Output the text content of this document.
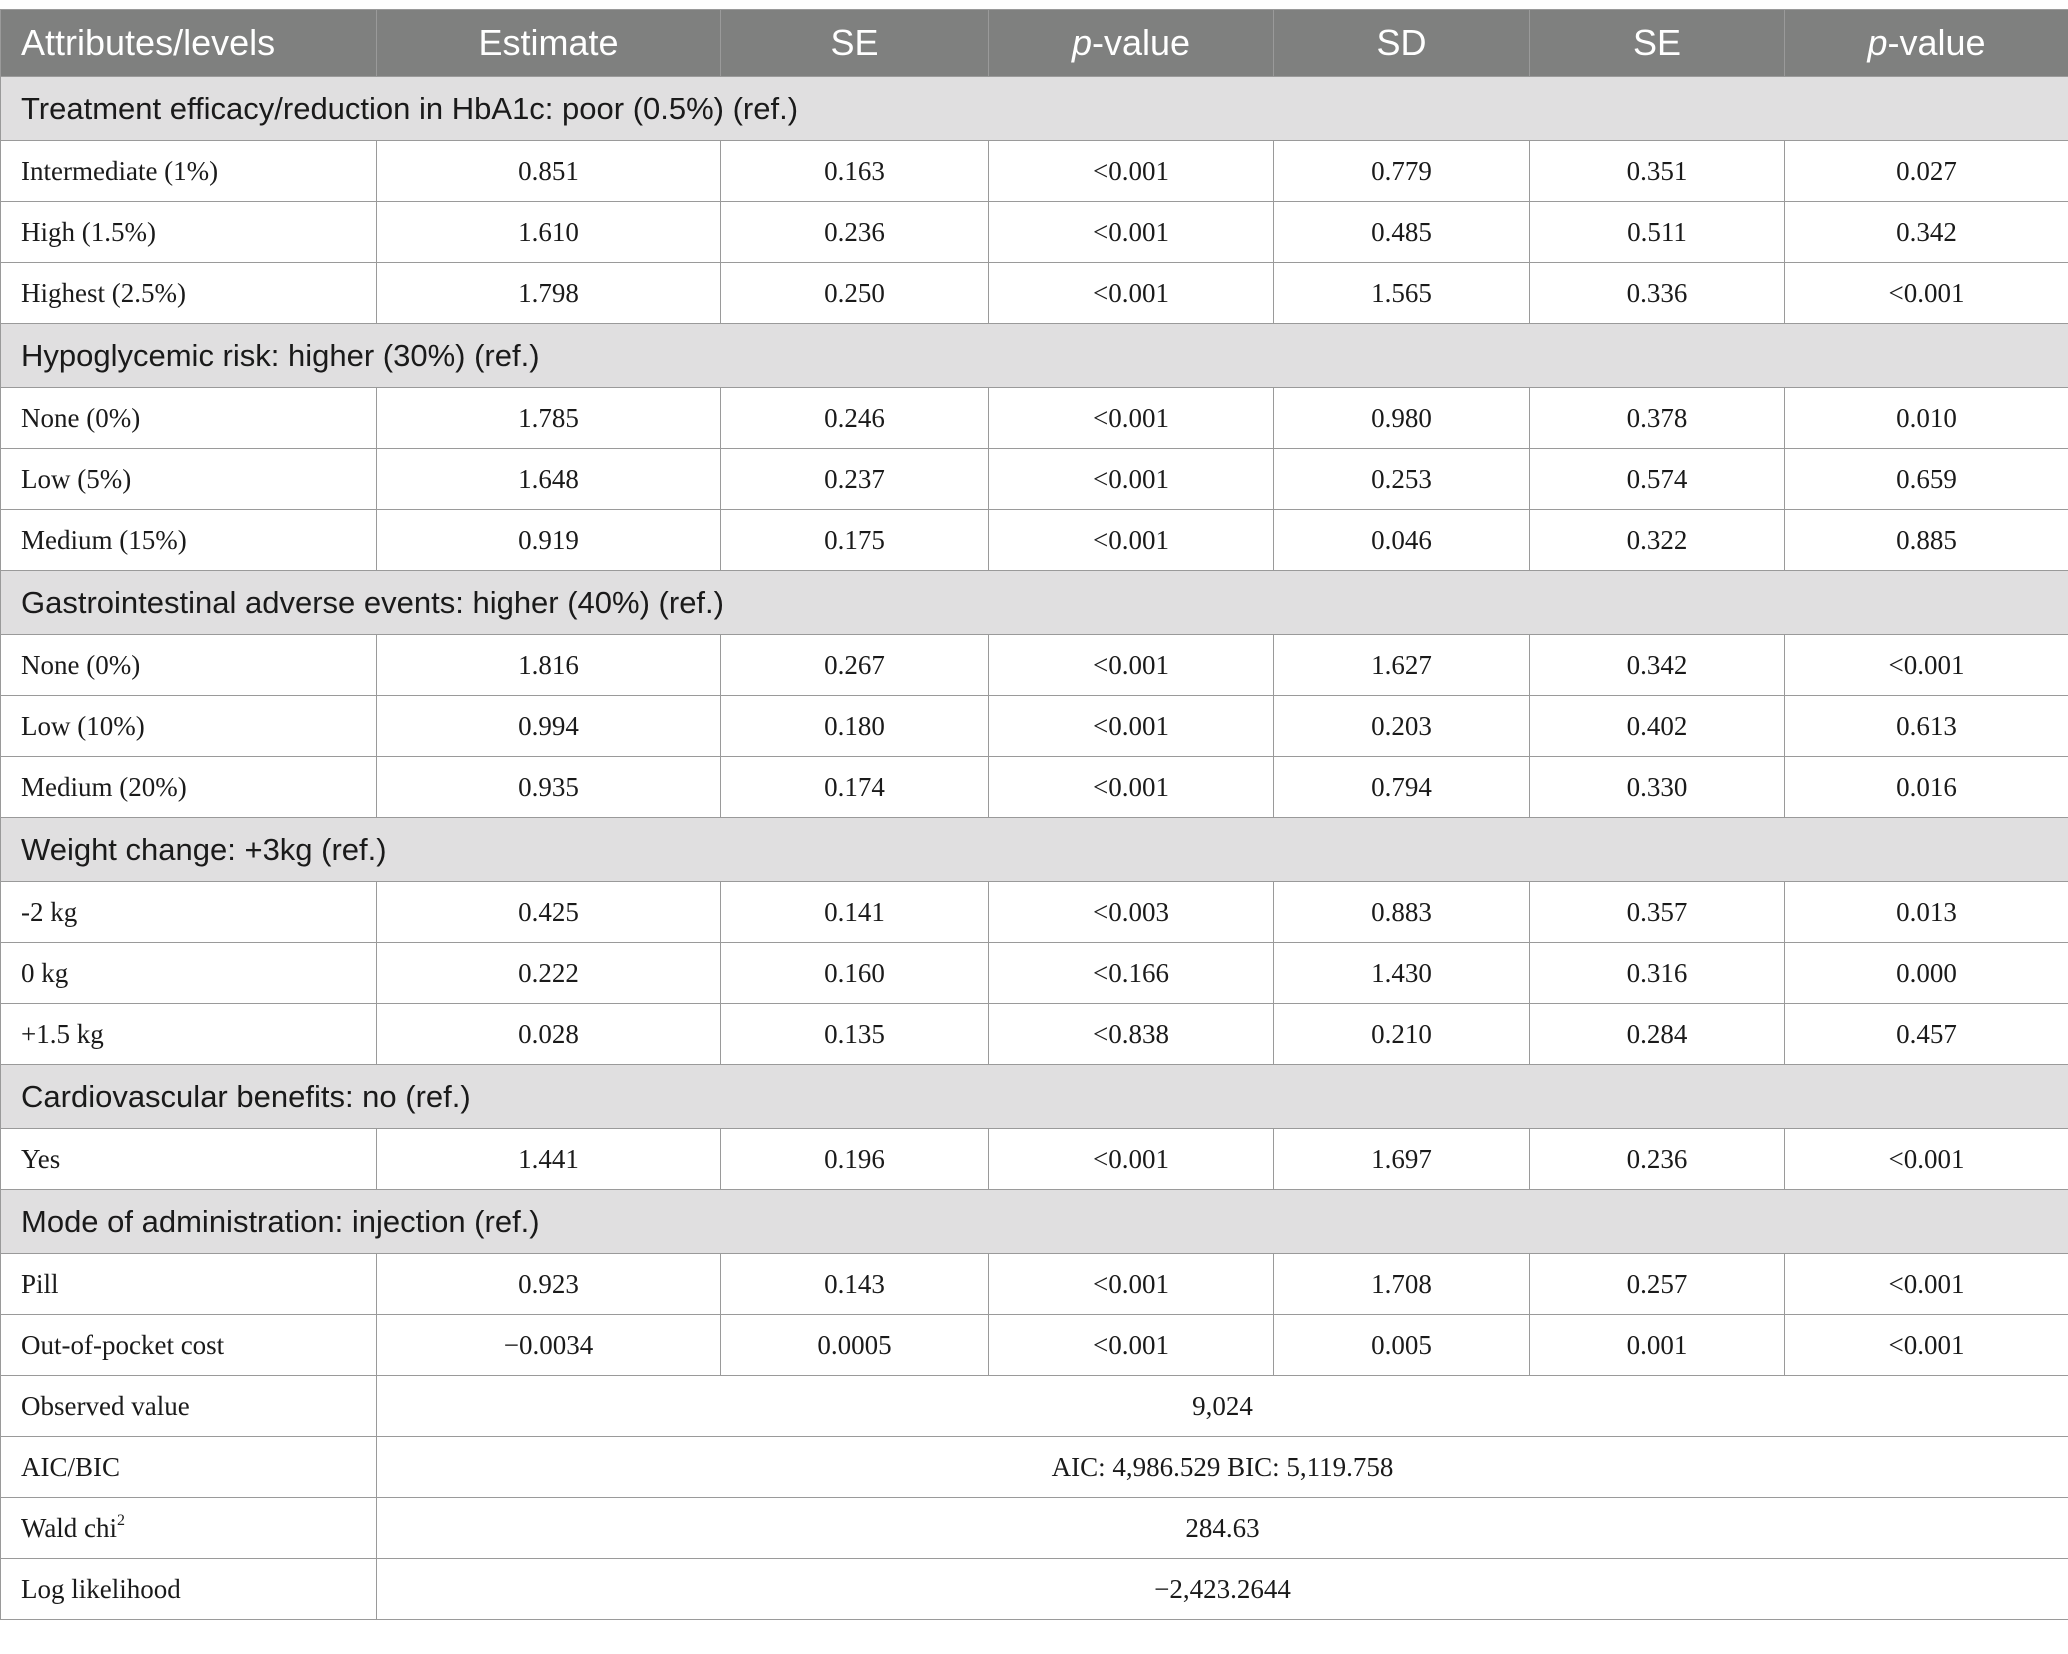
Attributes/levels	Estimate	SE	p-value	SD	SE	p-value
Treatment efficacy/reduction in HbA1c: poor (0.5%) (ref.)						
Intermediate (1%)	0.851	0.163	<0.001	0.779	0.351	0.027
High (1.5%)	1.610	0.236	<0.001	0.485	0.511	0.342
Highest (2.5%)	1.798	0.250	<0.001	1.565	0.336	<0.001
Hypoglycemic risk: higher (30%) (ref.)						
None (0%)	1.785	0.246	<0.001	0.980	0.378	0.010
Low (5%)	1.648	0.237	<0.001	0.253	0.574	0.659
Medium (15%)	0.919	0.175	<0.001	0.046	0.322	0.885
Gastrointestinal adverse events: higher (40%) (ref.)						
None (0%)	1.816	0.267	<0.001	1.627	0.342	<0.001
Low (10%)	0.994	0.180	<0.001	0.203	0.402	0.613
Medium (20%)	0.935	0.174	<0.001	0.794	0.330	0.016
Weight change: +3kg (ref.)						
-2 kg	0.425	0.141	<0.003	0.883	0.357	0.013
0 kg	0.222	0.160	<0.166	1.430	0.316	0.000
+1.5 kg	0.028	0.135	<0.838	0.210	0.284	0.457
Cardiovascular benefits: no (ref.)						
Yes	1.441	0.196	<0.001	1.697	0.236	<0.001
Mode of administration: injection (ref.)						
Pill	0.923	0.143	<0.001	1.708	0.257	<0.001
Out-of-pocket cost	−0.0034	0.0005	<0.001	0.005	0.001	<0.001
Observed value	9,024					
AIC/BIC	AIC: 4,986.529 BIC: 5,119.758					
Wald chi$^2$	284.63					
Log likelihood	−2,423.2644					
